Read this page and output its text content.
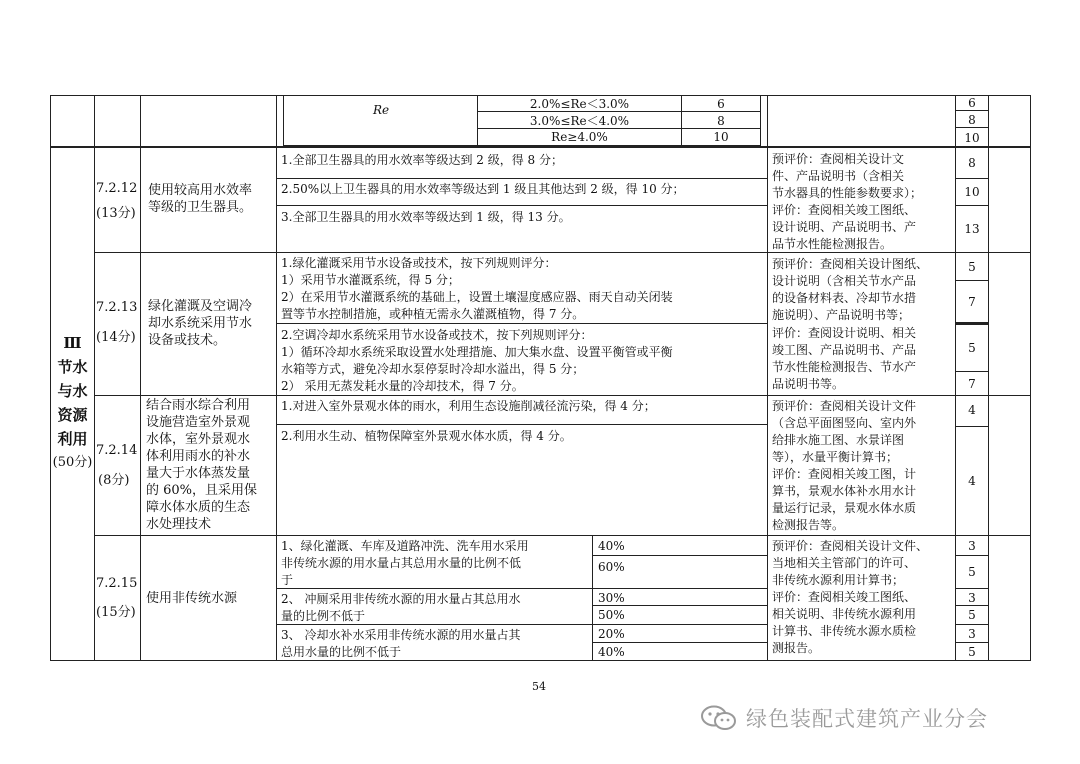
Re	2.0%≤Re＜3.0%
3.0%≤Re＜4.0%
Re≥4.0%
6
8
10
6
8
10
Ⅲ
节水
与水
资源
利用
(50分)
7.2.12
(13分)
使用较高用水效率
等级的卫生器具。
1.全部卫生器具的用水效率等级达到 2 级，得 8 分；
2.50%以上卫生器具的用水效率等级达到 1 级且其他达到 2 级，得 10 分；
3.全部卫生器具的用水效率等级达到 1 级，得 13 分。
预评价：查阅相关设计文
件、产品说明书（含相关
节水器具的性能参数要求）；
评价：查阅相关竣工图纸、
设计说明、产品说明书、产
品节水性能检测报告。
8
10
13
7.2.13
(14分)
绿化灌溉及空调冷
却水系统采用节水
设备或技术。
1.绿化灌溉采用节水设备或技术，按下列规则评分：
1）采用节水灌溉系统，得 5 分；
2）在采用节水灌溉系统的基础上，设置土壤湿度感应器、雨天自动关闭装
置等节水控制措施，或种植无需永久灌溉植物，得 7 分。
2.空调冷却水系统采用节水设备或技术，按下列规则评分：
1）循环冷却水系统采取设置水处理措施、加大集水盘、设置平衡管或平衡
水箱等方式，避免冷却水泵停泵时冷却水溢出，得 5 分；
2） 采用无蒸发耗水量的冷却技术，得 7 分。
预评价：查阅相关设计图纸、
设计说明（含相关节水产品
的设备材料表、冷却节水措
施说明）、产品说明书等；
评价：查阅设计说明、相关
竣工图、产品说明书、产品
节水性能检测报告、节水产
品说明书等。
5
7
5
7
7.2.14
(8分)
结合雨水综合利用
设施营造室外景观
水体，室外景观水
体利用雨水的补水
量大于水体蒸发量
的 60%，且采用保
障水体水质的生态
水处理技术
1.对进入室外景观水体的雨水，利用生态设施削减径流污染，得 4 分；
2.利用水生动、植物保障室外景观水体水质，得 4 分。
预评价：查阅相关设计文件
（含总平面图竖向、室内外
给排水施工图、水景详图
等），水量平衡计算书；
评价：查阅相关竣工图，计
算书，景观水体补水用水计
量运行记录，景观水体水质
检测报告等。
4
4
7.2.15
(15分)
使用非传统水源
1、绿化灌溉、车库及道路冲洗、洗车用水采用
非传统水源的用水量占其总用水量的比例不低
于
2、 冲厕采用非传统水源的用水量占其总用水
量的比例不低于
3、 冷却水补水采用非传统水源的用水量占其
总用水量的比例不低于
40%
60%
30%
50%
20%
40%
预评价：查阅相关设计文件、
当地相关主管部门的许可、
非传统水源利用计算书；
评价：查阅相关竣工图纸、
相关说明、非传统水源利用
计算书、非传统水源水质检
测报告。
3
5
3
5
3
5
54
绿色装配式建筑产业分会
